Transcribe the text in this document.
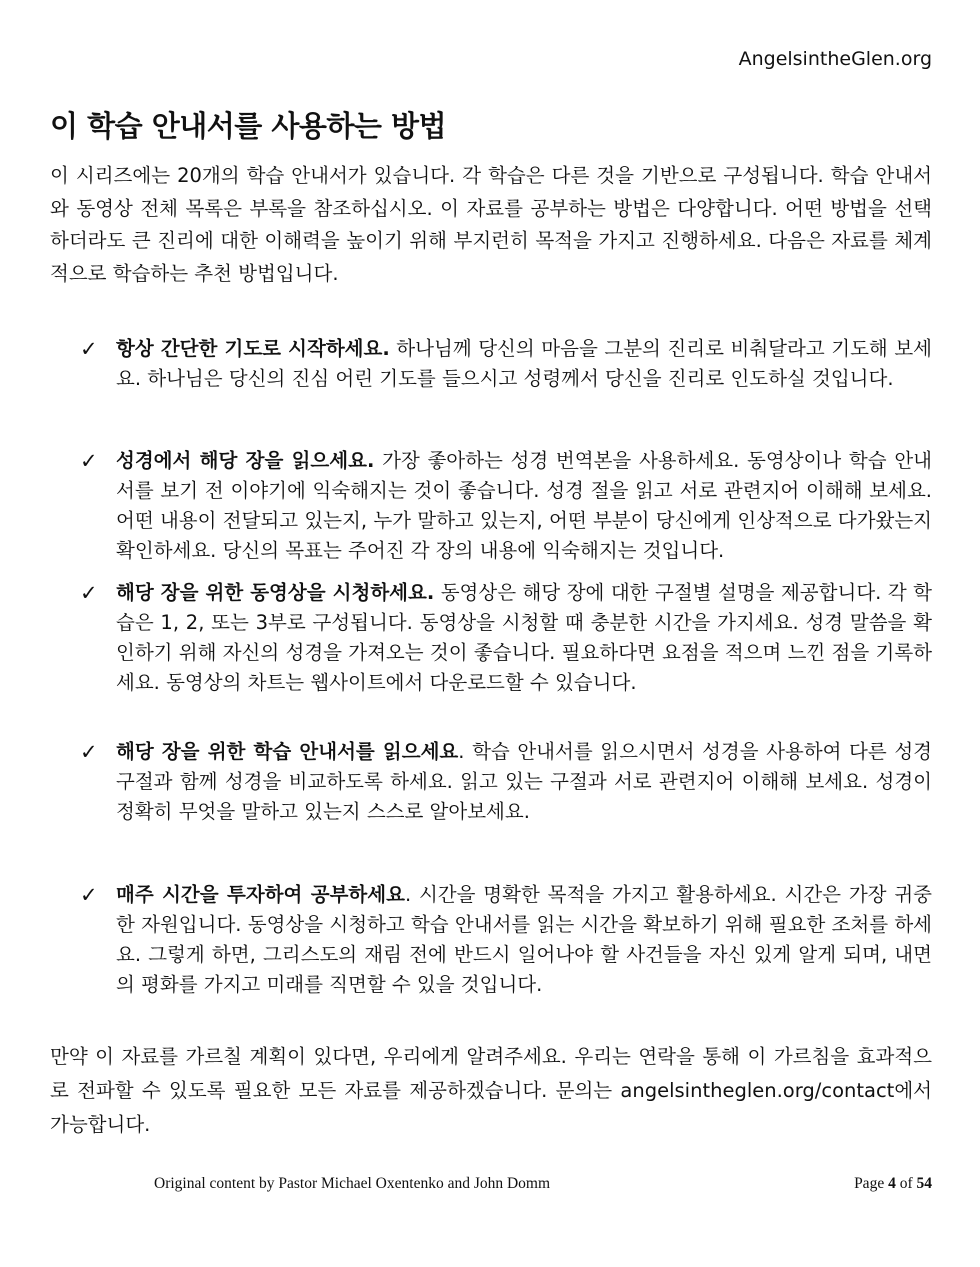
AngelsintheGlen.org
이 학습 안내서를 사용하는 방법

이 시리즈에는 20개의 학습 안내서가 있습니다. 각 학습은 다른 것을 기반으로 구성됩니다. 학습 안내서와 동영상 전체 목록은 부록을 참조하십시오. 이 자료를 공부하는 방법은 다양합니다. 어떤 방법을 선택하더라도 큰 진리에 대한 이해력을 높이기 위해 부지런히 목적을 가지고 진행하세요. 다음은 자료를 체계적으로 학습하는 추천 방법입니다.

✓ 항상 간단한 기도로 시작하세요. 하나님께 당신의 마음을 그분의 진리로 비춰달라고 기도해 보세요. 하나님은 당신의 진심 어린 기도를 들으시고 성령께서 당신을 진리로 인도하실 것입니다.

✓ 성경에서 해당 장을 읽으세요. 가장 좋아하는 성경 번역본을 사용하세요. 동영상이나 학습 안내서를 보기 전 이야기에 익숙해지는 것이 좋습니다. 성경 절을 읽고 서로 관련지어 이해해 보세요. 어떤 내용이 전달되고 있는지, 누가 말하고 있는지, 어떤 부분이 당신에게 인상적으로 다가왔는지 확인하세요. 당신의 목표는 주어진 각 장의 내용에 익숙해지는 것입니다.

✓ 해당 장을 위한 동영상을 시청하세요. 동영상은 해당 장에 대한 구절별 설명을 제공합니다. 각 학습은 1, 2, 또는 3부로 구성됩니다. 동영상을 시청할 때 충분한 시간을 가지세요. 성경 말씀을 확인하기 위해 자신의 성경을 가져오는 것이 좋습니다. 필요하다면 요점을 적으며 느낀 점을 기록하세요. 동영상의 차트는 웹사이트에서 다운로드할 수 있습니다.

✓ 해당 장을 위한 학습 안내서를 읽으세요. 학습 안내서를 읽으시면서 성경을 사용하여 다른 성경 구절과 함께 성경을 비교하도록 하세요. 읽고 있는 구절과 서로 관련지어 이해해 보세요. 성경이 정확히 무엇을 말하고 있는지 스스로 알아보세요.

✓ 매주 시간을 투자하여 공부하세요. 시간을 명확한 목적을 가지고 활용하세요. 시간은 가장 귀중한 자원입니다. 동영상을 시청하고 학습 안내서를 읽는 시간을 확보하기 위해 필요한 조처를 하세요. 그렇게 하면, 그리스도의 재림 전에 반드시 일어나야 할 사건들을 자신 있게 알게 되며, 내면의 평화를 가지고 미래를 직면할 수 있을 것입니다.

만약 이 자료를 가르칠 계획이 있다면, 우리에게 알려주세요. 우리는 연락을 통해 이 가르침을 효과적으로 전파할 수 있도록 필요한 모든 자료를 제공하겠습니다. 문의는 angelsintheglen.org/contact에서 가능합니다.

Original content by Pastor Michael Oxentenko and John Domm	Page 4 of 54
